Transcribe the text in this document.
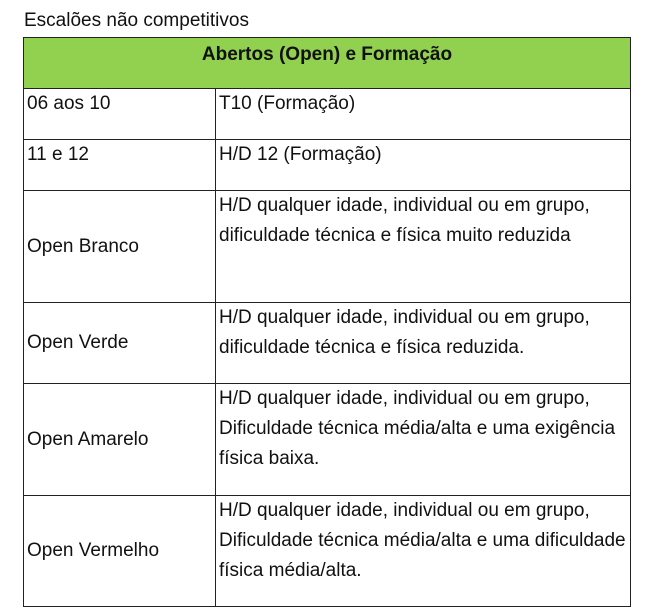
Escalões não competitivos
Abertos (Open) e Formação	
06 aos 10	T10 (Formação)
11 e 12	H/D 12 (Formação)
Open Branco	H/D qualquer idade, individual ou em grupo, dificuldade técnica e física muito reduzida
Open Verde	H/D qualquer idade, individual ou em grupo, dificuldade técnica e física reduzida.
Open Amarelo	H/D qualquer idade, individual ou em grupo, Dificuldade técnica média/alta e uma exigência física baixa.
Open Vermelho	H/D qualquer idade, individual ou em grupo, Dificuldade técnica média/alta e uma dificuldade física média/alta.
